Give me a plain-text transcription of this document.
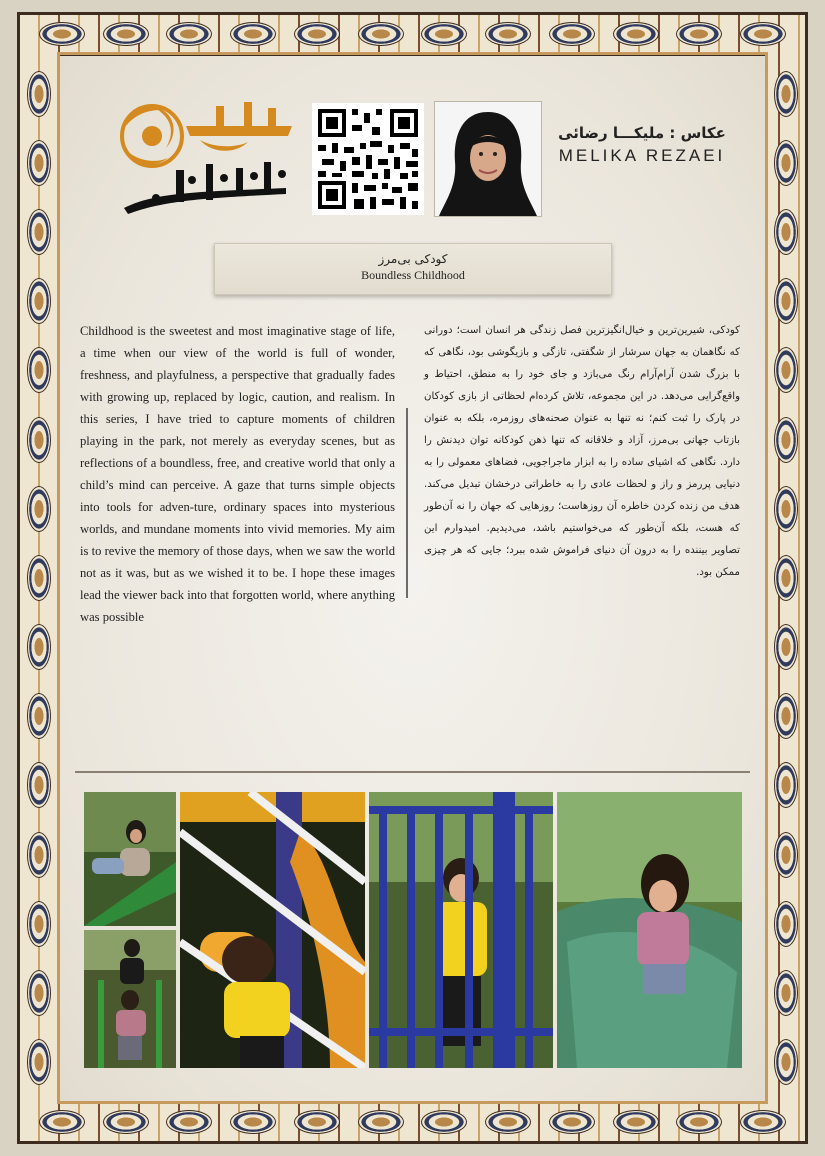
عکاس : ملیکـــا رضائی
MELIKA REZAEI
کودکی بی‌مرز
Boundless Childhood
Childhood is the sweetest and most imaginative stage of life, a time when our view of the world is full of wonder, freshness, and playfulness, a perspective that gradually fades with growing up, replaced by logic, caution, and realism. In this series, I have tried to capture moments of children playing in the park, not merely as everyday scenes, but as reflections of a boundless, free, and creative world that only a child’s mind can perceive. A gaze that turns simple objects into tools for adven-ture, ordinary spaces into mysterious worlds, and mundane moments into vivid memories. My aim is to revive the memory of those days, when we saw the world not as it was, but as we wished it to be. I hope these images lead the viewer back into that forgotten world, where anything was possible
کودکی، شیرین‌ترین و خیال‌انگیزترین فصل زندگی هر انسان است؛ دورانی که نگاهمان به جهان سرشار از شگفتی، تازگی و بازیگوشی بود، نگاهی که با بزرگ شدن آرام‌آرام رنگ می‌بازد و جای خود را به منطق، احتیاط و واقع‌گرایی می‌دهد. در این مجموعه، تلاش کرده‌ام لحظاتی از بازی کودکان در پارک را ثبت کنم؛ نه تنها به عنوان صحنه‌های روزمره، بلکه به عنوان بازتاب جهانی بی‌مرز، آزاد و خلاقانه که تنها ذهن کودکانه توان دیدنش را دارد. نگاهی که اشیای ساده را به ابزار ماجراجویی، فضاهای معمولی را به دنیایی پررمز و راز و لحظات عادی را به خاطراتی درخشان تبدیل می‌کند. هدف من زنده کردن خاطره آن روزهاست؛ روزهایی که جهان را نه آن‌طور که هست، بلکه آن‌طور که می‌خواستیم باشد، می‌دیدیم. امیدوارم این تصاویر بیننده را به درون آن دنیای فراموش شده ببرد؛ جایی که هر چیزی ممکن بود.
